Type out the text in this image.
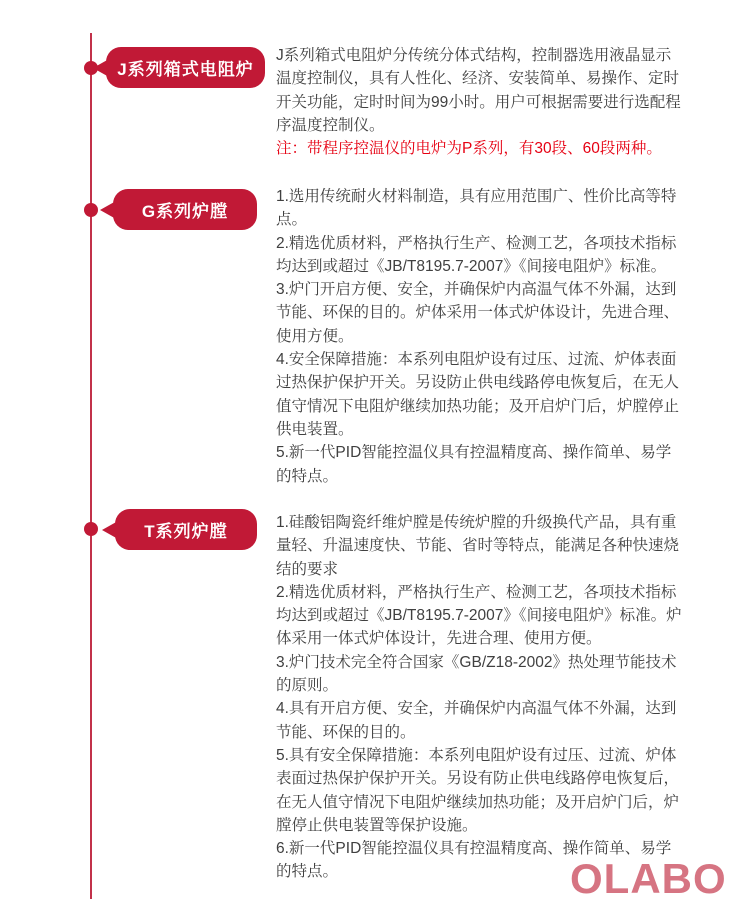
J系列箱式电阻炉

J系列箱式电阻炉分传统分体式结构，控制器选用液晶显示温度控制仪，具有人性化、经济、安装简单、易操作、定时开关功能，定时时间为99小时。用户可根据需要进行选配程序温度控制仪。

注：带程序控温仪的电炉为P系列，有30段、60段两种。

G系列炉膛

1.选用传统耐火材料制造，具有应用范围广、性价比高等特点。

2.精选优质材料，严格执行生产、检测工艺，各项技术指标均达到或超过《JB/T8195.7-2007》《间接电阻炉》标准。

3.炉门开启方便、安全，并确保炉内高温气体不外漏，达到节能、环保的目的。炉体采用一体式炉体设计，先进合理、使用方便。

4.安全保障措施：本系列电阻炉设有过压、过流、炉体表面过热保护保护开关。另设防止供电线路停电恢复后，在无人值守情况下电阻炉继续加热功能；及开启炉门后，炉膛停止供电装置。

5.新一代PID智能控温仪具有控温精度高、操作简单、易学的特点。

T系列炉膛	1.硅酸铝陶瓷纤维炉膛是传统炉膛的升级换代产品，具有重量轻、升温速度快、节能、省时等特点，能满足各种快速烧结的要求

2.精选优质材料，严格执行生产、检测工艺，各项技术指标均达到或超过《JB/T8195.7-2007》《间接电阻炉》标准。炉体采用一体式炉体设计，先进合理、使用方便。

3.炉门技术完全符合国家《GB/Z18-2002》热处理节能技术的原则。

4.具有开启方便、安全，并确保炉内高温气体不外漏，达到节能、环保的目的。

5.具有安全保障措施：本系列电阻炉设有过压、过流、炉体表面过热保护保护开关。另设有防止供电线路停电恢复后，在无人值守情况下电阻炉继续加热功能；及开启炉门后，炉膛停止供电装置等保护设施。

6.新一代PID智能控温仪具有控温精度高、操作简单、易学的特点。	OLABO
